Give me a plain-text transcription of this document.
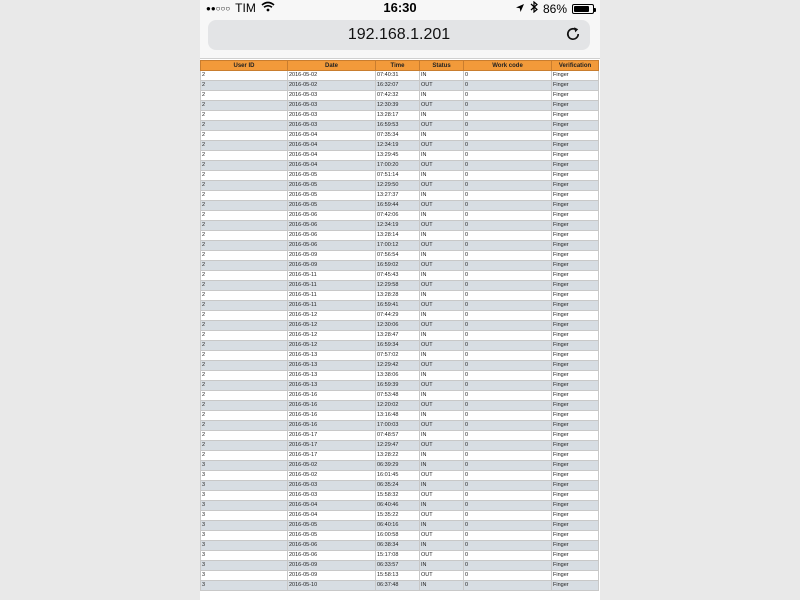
●●○○○ TIM	16:30	86%
192.168.1.201
User ID	Date	Time	Status	Work code	Verification
2	2016-05-02	07:40:31	IN	0	Finger
2	2016-05-02	16:32:07	OUT	0	Finger
2	2016-05-03	07:42:32	IN	0	Finger
2	2016-05-03	12:30:39	OUT	0	Finger
2	2016-05-03	13:28:17	IN	0	Finger
2	2016-05-03	16:59:53	OUT	0	Finger
2	2016-05-04	07:35:34	IN	0	Finger
2	2016-05-04	12:34:19	OUT	0	Finger
2	2016-05-04	13:29:45	IN	0	Finger
2	2016-05-04	17:00:20	OUT	0	Finger
2	2016-05-05	07:51:14	IN	0	Finger
2	2016-05-05	12:29:50	OUT	0	Finger
2	2016-05-05	13:27:37	IN	0	Finger
2	2016-05-05	16:59:44	OUT	0	Finger
2	2016-05-06	07:42:06	IN	0	Finger
2	2016-05-06	12:34:19	OUT	0	Finger
2	2016-05-06	13:28:14	IN	0	Finger
2	2016-05-06	17:00:12	OUT	0	Finger
2	2016-05-09	07:56:54	IN	0	Finger
2	2016-05-09	16:59:02	OUT	0	Finger
2	2016-05-11	07:45:43	IN	0	Finger
2	2016-05-11	12:29:58	OUT	0	Finger
2	2016-05-11	13:28:28	IN	0	Finger
2	2016-05-11	16:59:41	OUT	0	Finger
2	2016-05-12	07:44:29	IN	0	Finger
2	2016-05-12	12:30:06	OUT	0	Finger
2	2016-05-12	13:28:47	IN	0	Finger
2	2016-05-12	16:59:34	OUT	0	Finger
2	2016-05-13	07:57:02	IN	0	Finger
2	2016-05-13	12:29:42	OUT	0	Finger
2	2016-05-13	13:38:06	IN	0	Finger
2	2016-05-13	16:59:39	OUT	0	Finger
2	2016-05-16	07:53:48	IN	0	Finger
2	2016-05-16	12:20:02	OUT	0	Finger
2	2016-05-16	13:16:48	IN	0	Finger
2	2016-05-16	17:00:03	OUT	0	Finger
2	2016-05-17	07:48:57	IN	0	Finger
2	2016-05-17	12:29:47	OUT	0	Finger
2	2016-05-17	13:28:22	IN	0	Finger
3	2016-05-02	06:39:29	IN	0	Finger
3	2016-05-02	16:01:45	OUT	0	Finger
3	2016-05-03	06:35:24	IN	0	Finger
3	2016-05-03	15:58:32	OUT	0	Finger
3	2016-05-04	06:40:46	IN	0	Finger
3	2016-05-04	15:35:22	OUT	0	Finger
3	2016-05-05	06:40:16	IN	0	Finger
3	2016-05-05	16:00:58	OUT	0	Finger
3	2016-05-06	06:38:34	IN	0	Finger
3	2016-05-06	15:17:08	OUT	0	Finger
3	2016-05-09	06:33:57	IN	0	Finger
3	2016-05-09	15:58:13	OUT	0	Finger
3	2016-05-10	06:37:48	IN	0	Finger
